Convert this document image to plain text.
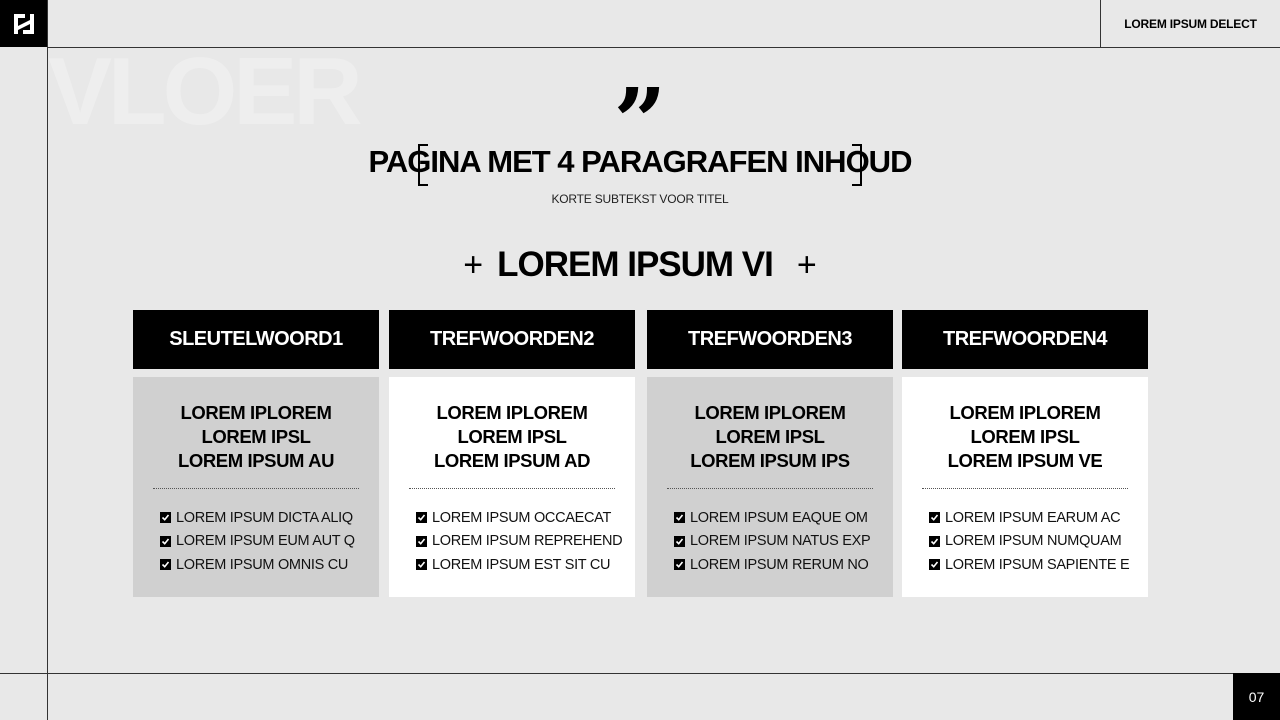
LOREM IPSUM DELECT
VLOER	”
PAGINA MET 4 PARAGRAFEN INHOUD
KORTE SUBTEKST VOOR TITEL
+ LOREM IPSUM VI +
SLEUTELWOORD1
LOREM IPLOREM
LOREM IPSL
LOREM IPSUM AU
LOREM IPSUM DICTA ALIQ
LOREM IPSUM EUM AUT Q
LOREM IPSUM OMNIS CU
TREFWOORDEN2
LOREM IPLOREM
LOREM IPSL
LOREM IPSUM AD
LOREM IPSUM OCCAECAT
LOREM IPSUM REPREHEND
LOREM IPSUM EST SIT CU
TREFWOORDEN3
LOREM IPLOREM
LOREM IPSL
LOREM IPSUM IPS
LOREM IPSUM EAQUE OM
LOREM IPSUM NATUS EXP
LOREM IPSUM RERUM NO
TREFWOORDEN4
LOREM IPLOREM
LOREM IPSL
LOREM IPSUM VE
LOREM IPSUM EARUM AC
LOREM IPSUM NUMQUAM
LOREM IPSUM SAPIENTE E
07
